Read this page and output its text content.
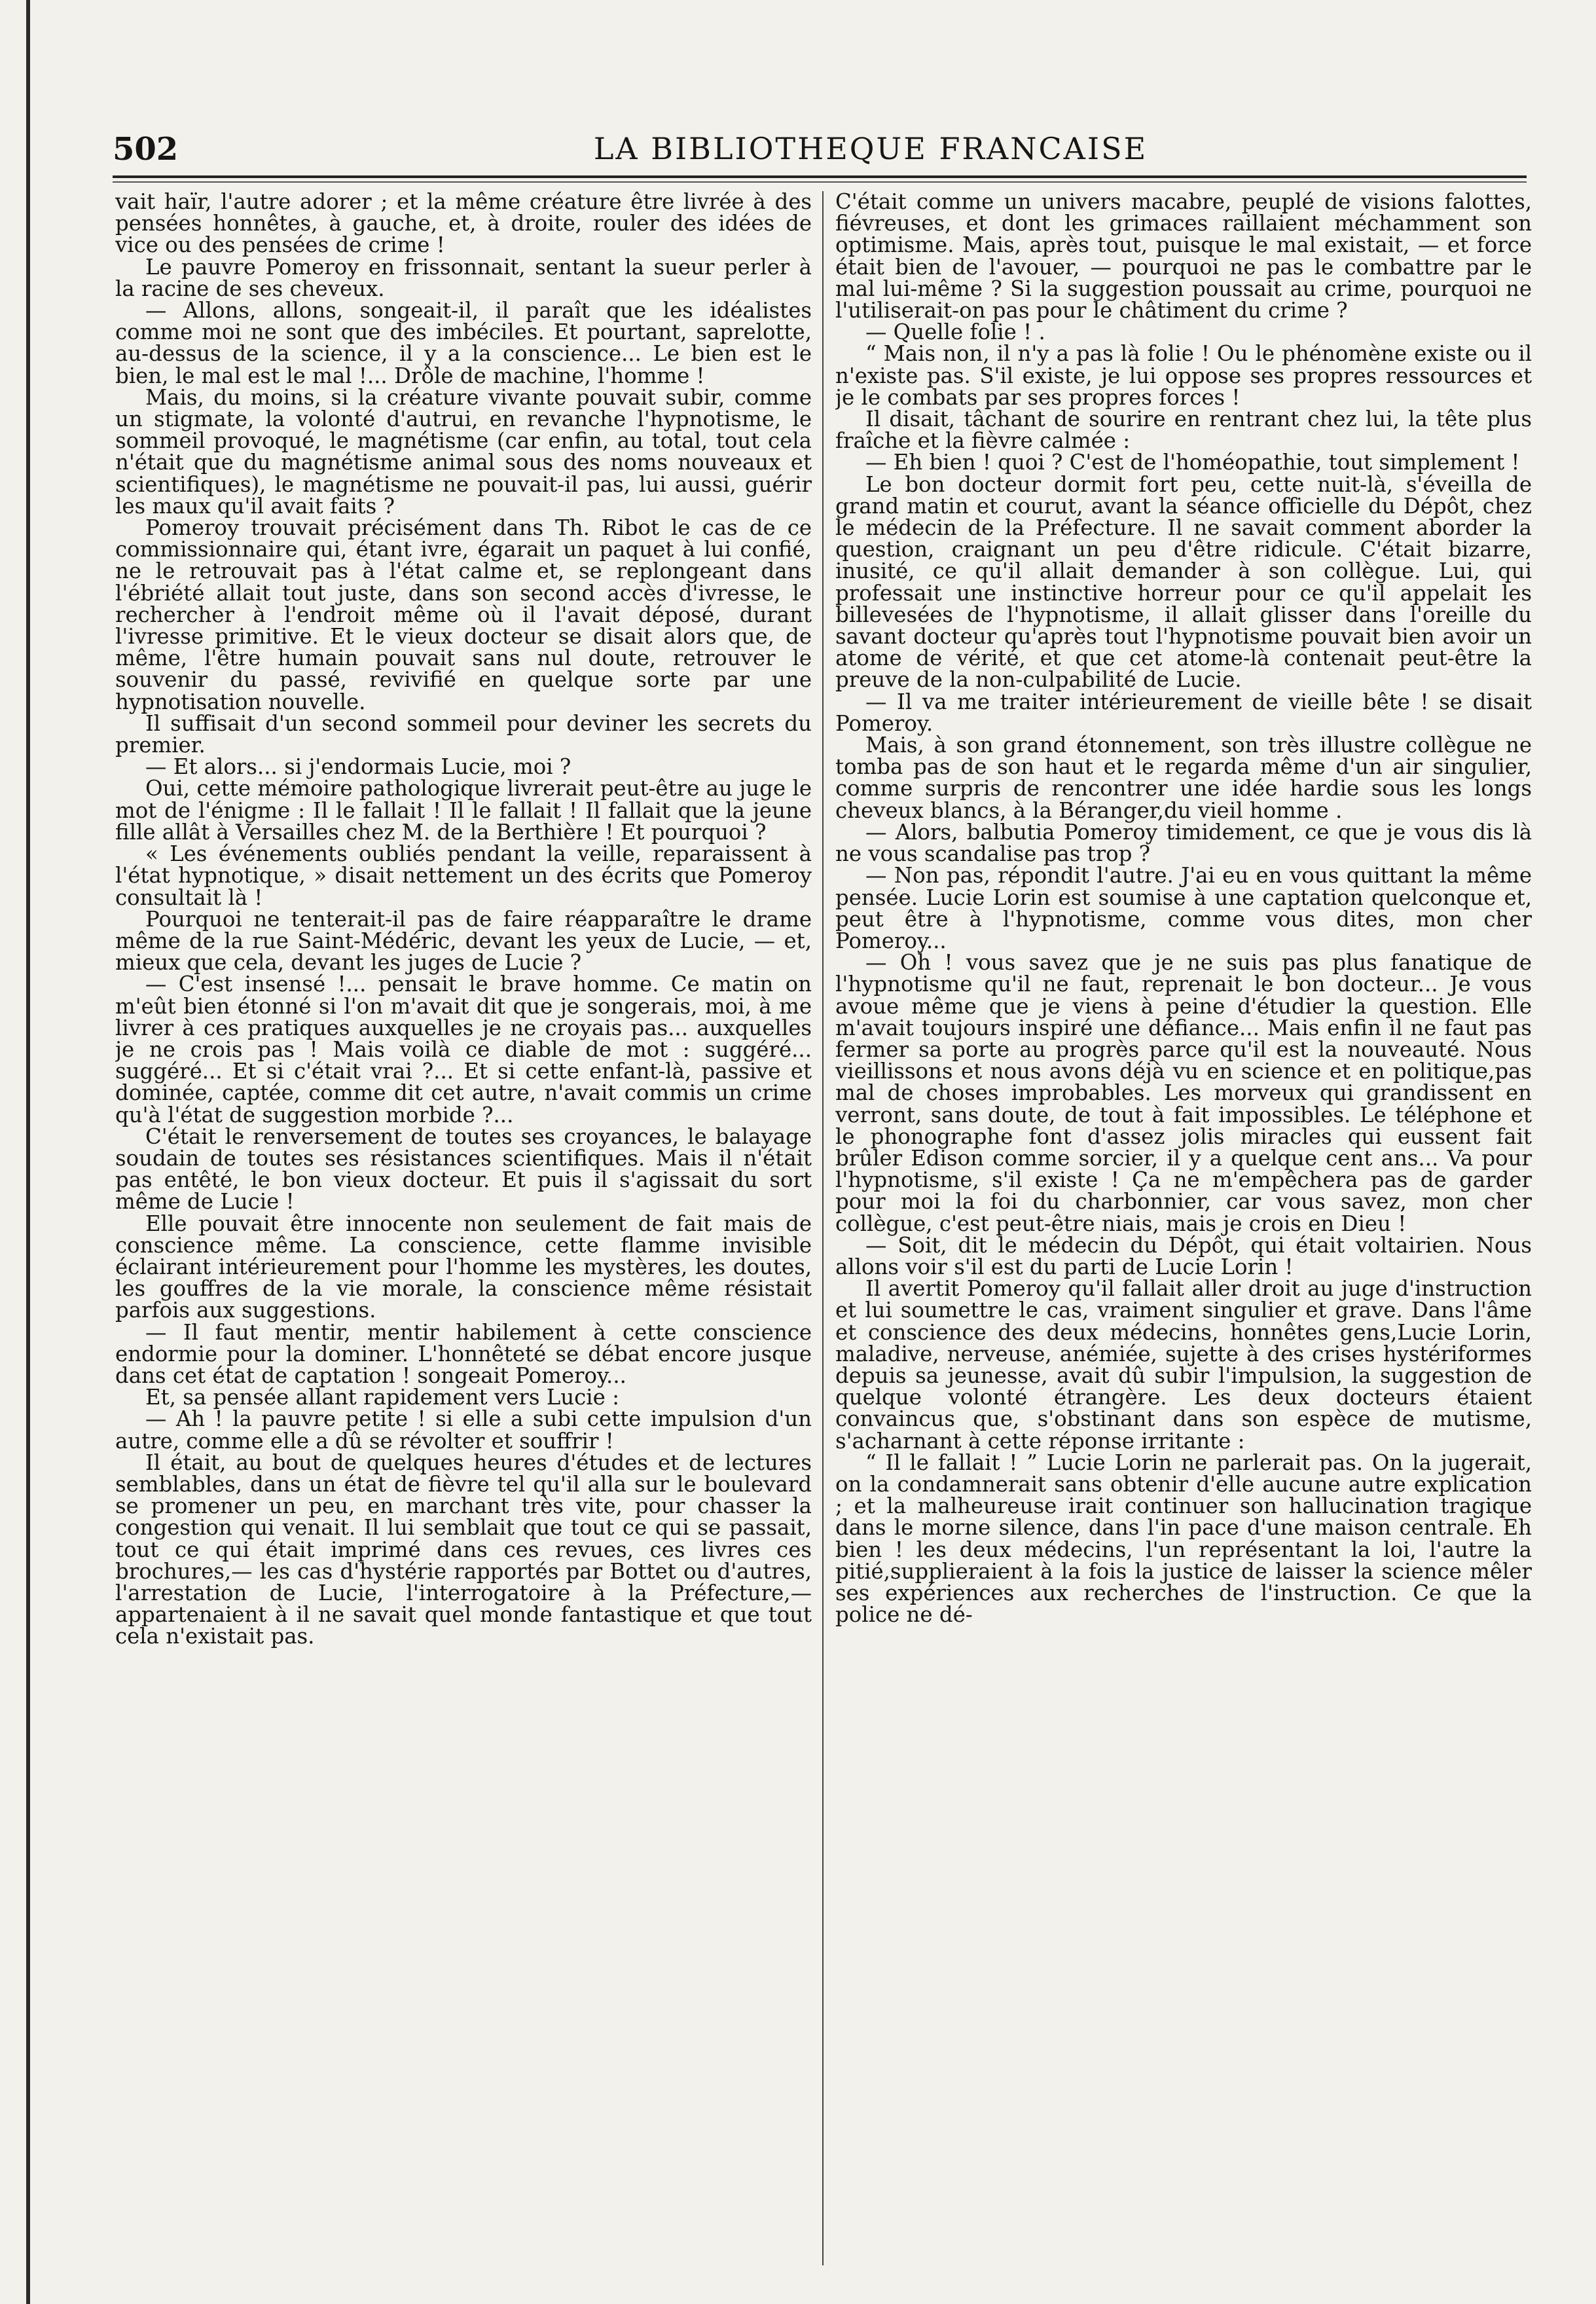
502	LA BIBLIOTHEQUE FRANCAISE

vait haïr, l'autre adorer ; et la même créature être livrée à des pensées honnêtes, à gauche, et, à droite, rouler des idées de vice ou des pensées de crime !

Le pauvre Pomeroy en frissonnait, sentant la sueur perler à la racine de ses cheveux.

— Allons, allons, songeait-il, il paraît que les idéalistes comme moi ne sont que des imbéciles. Et pourtant, saprelotte, au-dessus de la science, il y a la conscience... Le bien est le bien, le mal est le mal !... Drôle de machine, l'homme !

Mais, du moins, si la créature vivante pouvait subir, comme un stigmate, la volonté d'autrui, en revanche l'hypnotisme, le sommeil provoqué, le magnétisme (car enfin, au total, tout cela n'était que du magnétisme animal sous des noms nouveaux et scientifiques), le magnétisme ne pouvait-il pas, lui aussi, guérir les maux qu'il avait faits ?

Pomeroy trouvait précisément dans Th. Ribot le cas de ce commissionnaire qui, étant ivre, égarait un paquet à lui confié, ne le retrouvait pas à l'état calme et, se replongeant dans l'ébriété allait tout juste, dans son second accès d'ivresse, le rechercher à l'endroit même où il l'avait déposé, durant l'ivresse primitive. Et le vieux docteur se disait alors que, de même, l'être humain pouvait sans nul doute, retrouver le souvenir du passé, revivifié en quelque sorte par une hypnotisation nouvelle.

Il suffisait d'un second sommeil pour deviner les secrets du premier.

— Et alors... si j'endormais Lucie, moi ?

Oui, cette mémoire pathologique livrerait peut-être au juge le mot de l'énigme : Il le fallait ! Il le fallait ! Il fallait que la jeune fille allât à Versailles chez M. de la Berthière ! Et pourquoi ?

« Les événements oubliés pendant la veille, reparaissent à l'état hypnotique, » disait nettement un des écrits que Pomeroy consultait là !

Pourquoi ne tenterait-il pas de faire réapparaître le drame même de la rue Saint-Médéric, devant les yeux de Lucie, — et, mieux que cela, devant les juges de Lucie ?

— C'est insensé !... pensait le brave homme. Ce matin on m'eût bien étonné si l'on m'avait dit que je songerais, moi, à me livrer à ces pratiques auxquelles je ne croyais pas... auxquelles je ne crois pas ! Mais voilà ce diable de mot : suggéré... suggéré... Et si c'était vrai ?... Et si cette enfant-là, passive et dominée, captée, comme dit cet autre, n'avait commis un crime qu'à l'état de suggestion morbide ?...

C'était le renversement de toutes ses croyances, le balayage soudain de toutes ses résistances scientifiques. Mais il n'était pas entêté, le bon vieux docteur. Et puis il s'agissait du sort même de Lucie !

Elle pouvait être innocente non seulement de fait mais de conscience même. La conscience, cette flamme invisible éclairant intérieurement pour l'homme les mystères, les doutes, les gouffres de la vie morale, la conscience même résistait parfois aux suggestions.

— Il faut mentir, mentir habilement à cette conscience endormie pour la dominer. L'honnêteté se débat encore jusque dans cet état de captation ! songeait Pomeroy...

Et, sa pensée allant rapidement vers Lucie :

— Ah ! la pauvre petite ! si elle a subi cette impulsion d'un autre, comme elle a dû se révolter et souffrir !

Il était, au bout de quelques heures d'études et de lectures semblables, dans un état de fièvre tel qu'il alla sur le boulevard se promener un peu, en marchant très vite, pour chasser la congestion qui venait. Il lui semblait que tout ce qui se passait, tout ce qui était imprimé dans ces revues, ces livres ces brochures,— les cas d'hystérie rapportés par Bottet ou d'autres, l'arrestation de Lucie, l'interrogatoire à la Préfecture,—appartenaient à il ne savait quel monde fantastique et que tout cela n'existait pas.

C'était comme un univers macabre, peuplé de visions falottes, fiévreuses, et dont les grimaces raillaient méchamment son optimisme. Mais, après tout, puisque le mal existait, — et force était bien de l'avouer, — pourquoi ne pas le combattre par le mal lui-même ? Si la suggestion poussait au crime, pourquoi ne l'utiliserait-on pas pour le châtiment du crime ?

— Quelle folie ! .

“ Mais non, il n'y a pas là folie ! Ou le phénomène existe ou il n'existe pas. S'il existe, je lui oppose ses propres ressources et je le combats par ses propres forces !

Il disait, tâchant de sourire en rentrant chez lui, la tête plus fraîche et la fièvre calmée :

— Eh bien ! quoi ? C'est de l'homéopathie, tout simplement !

Le bon docteur dormit fort peu, cette nuit-là, s'éveilla de grand matin et courut, avant la séance officielle du Dépôt, chez le médecin de la Préfecture. Il ne savait comment aborder la question, craignant un peu d'être ridicule. C'était bizarre, inusité, ce qu'il allait demander à son collègue. Lui, qui professait une instinctive horreur pour ce qu'il appelait les billevesées de l'hypnotisme, il allait glisser dans l'oreille du savant docteur qu'après tout l'hypnotisme pouvait bien avoir un atome de vérité, et que cet atome-là contenait peut-être la preuve de la non-culpabilité de Lucie.

— Il va me traiter intérieurement de vieille bête ! se disait Pomeroy.

Mais, à son grand étonnement, son très illustre collègue ne tomba pas de son haut et le regarda même d'un air singulier, comme surpris de rencontrer une idée hardie sous les longs cheveux blancs, à la Béranger,du vieil homme .

— Alors, balbutia Pomeroy timidement, ce que je vous dis là ne vous scandalise pas trop ?

— Non pas, répondit l'autre. J'ai eu en vous quittant la même pensée. Lucie Lorin est soumise à une captation quelconque et, peut être à l'hypnotisme, comme vous dites, mon cher Pomeroy...

— Oh ! vous savez que je ne suis pas plus fanatique de l'hypnotisme qu'il ne faut, reprenait le bon docteur... Je vous avoue même que je viens à peine d'étudier la question. Elle m'avait toujours inspiré une défiance... Mais enfin il ne faut pas fermer sa porte au progrès parce qu'il est la nouveauté. Nous vieillissons et nous avons déjà vu en science et en politique,pas mal de choses improbables. Les morveux qui grandissent en verront, sans doute, de tout à fait impossibles. Le téléphone et le phonographe font d'assez jolis miracles qui eussent fait brûler Edison comme sorcier, il y a quelque cent ans... Va pour l'hypnotisme, s'il existe ! Ça ne m'empêchera pas de garder pour moi la foi du charbonnier, car vous savez, mon cher collègue, c'est peut-être niais, mais je crois en Dieu !

— Soit, dit le médecin du Dépôt, qui était voltairien. Nous allons voir s'il est du parti de Lucie Lorin !

Il avertit Pomeroy qu'il fallait aller droit au juge d'instruction et lui soumettre le cas, vraiment singulier et grave. Dans l'âme et conscience des deux médecins, honnêtes gens,Lucie Lorin, maladive, nerveuse, anémiée, sujette à des crises hystériformes depuis sa jeunesse, avait dû subir l'impulsion, la suggestion de quelque volonté étrangère. Les deux docteurs étaient convaincus que, s'obstinant dans son espèce de mutisme, s'acharnant à cette réponse irritante :

“ Il le fallait ! ” Lucie Lorin ne parlerait pas. On la jugerait, on la condamnerait sans obtenir d'elle aucune autre explication ; et la malheureuse irait continuer son hallucination tragique dans le morne silence, dans l'in pace d'une maison centrale. Eh bien ! les deux médecins, l'un représentant la loi, l'autre la pitié,supplieraient à la fois la justice de laisser la science mêler ses expériences aux recherches de l'instruction. Ce que la police ne dé-
